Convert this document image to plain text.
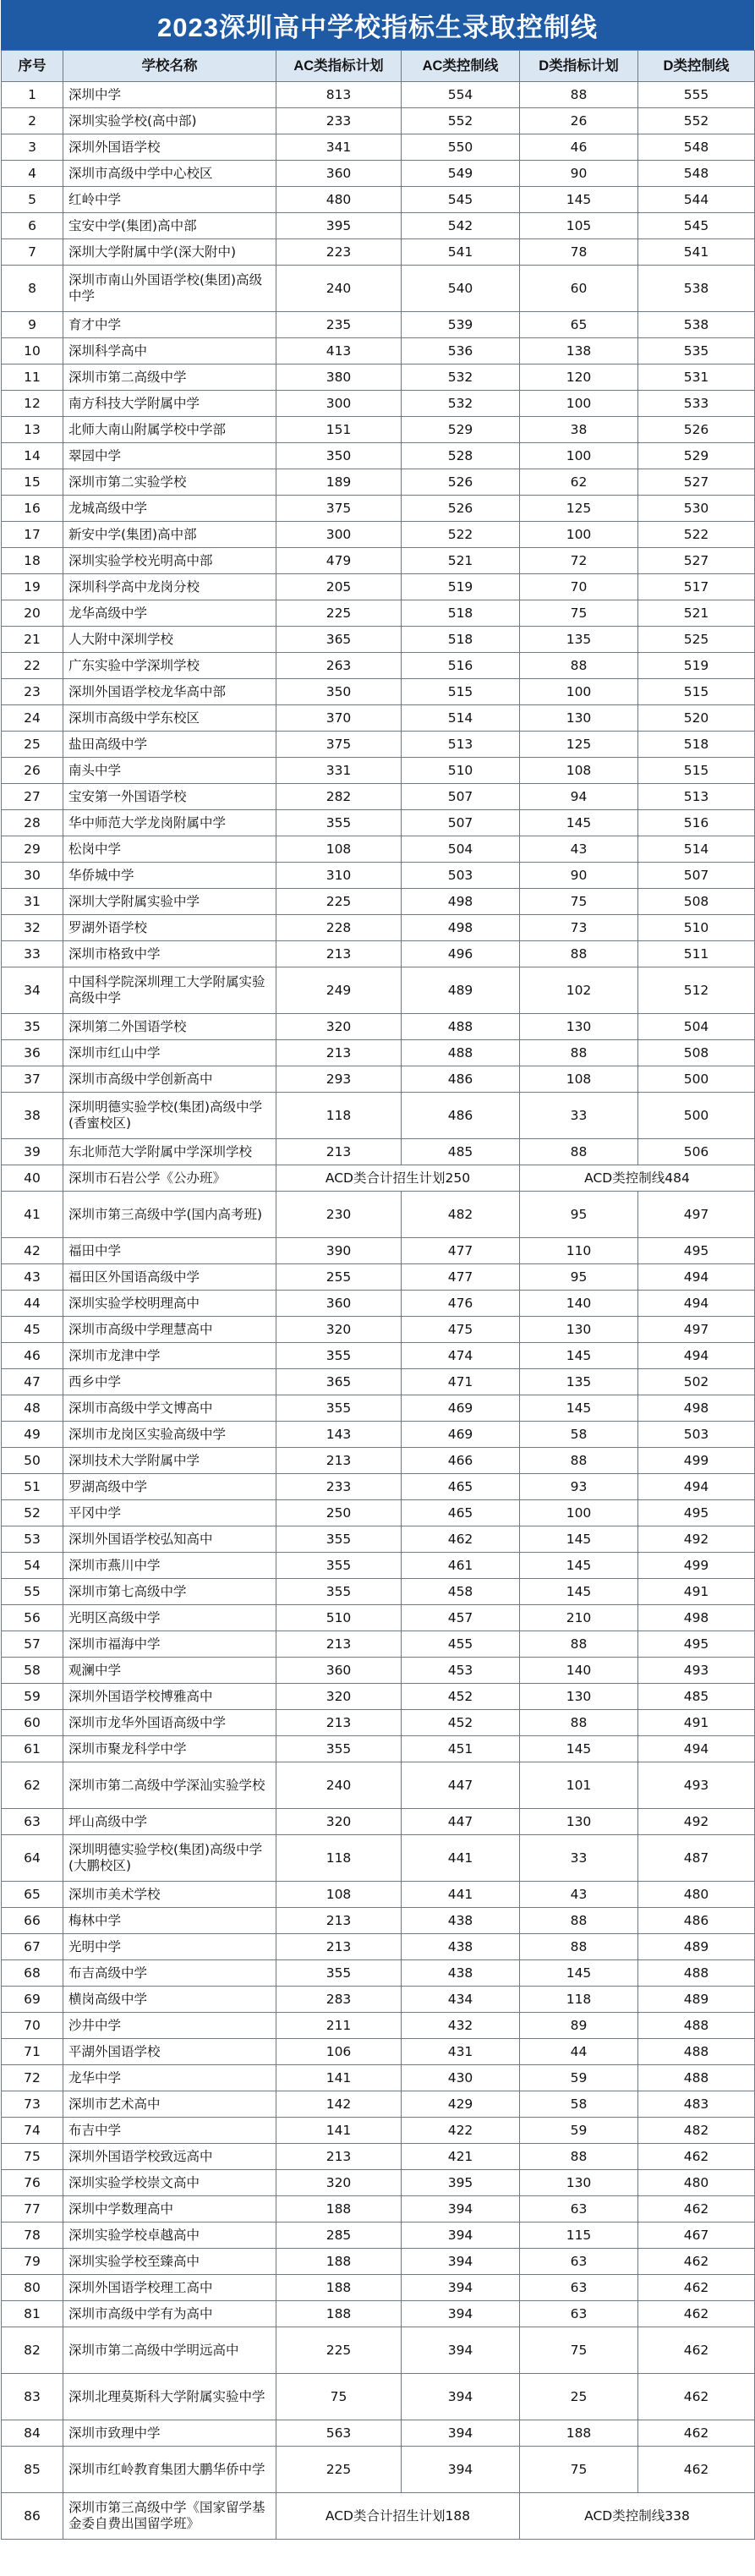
2023深圳高中学校指标生录取控制线
序号	学校名称	AC类指标计划	AC类控制线	D类指标计划	D类控制线
1	深圳中学	813	554	88	555
2	深圳实验学校(高中部)	233	552	26	552
3	深圳外国语学校	341	550	46	548
4	深圳市高级中学中心校区	360	549	90	548
5	红岭中学	480	545	145	544
6	宝安中学(集团)高中部	395	542	105	545
7	深圳大学附属中学(深大附中)	223	541	78	541
8	深圳市南山外国语学校(集团)高级中学	240	540	60	538
9	育才中学	235	539	65	538
10	深圳科学高中	413	536	138	535
11	深圳市第二高级中学	380	532	120	531
12	南方科技大学附属中学	300	532	100	533
13	北师大南山附属学校中学部	151	529	38	526
14	翠园中学	350	528	100	529
15	深圳市第二实验学校	189	526	62	527
16	龙城高级中学	375	526	125	530
17	新安中学(集团)高中部	300	522	100	522
18	深圳实验学校光明高中部	479	521	72	527
19	深圳科学高中龙岗分校	205	519	70	517
20	龙华高级中学	225	518	75	521
21	人大附中深圳学校	365	518	135	525
22	广东实验中学深圳学校	263	516	88	519
23	深圳外国语学校龙华高中部	350	515	100	515
24	深圳市高级中学东校区	370	514	130	520
25	盐田高级中学	375	513	125	518
26	南头中学	331	510	108	515
27	宝安第一外国语学校	282	507	94	513
28	华中师范大学龙岗附属中学	355	507	145	516
29	松岗中学	108	504	43	514
30	华侨城中学	310	503	90	507
31	深圳大学附属实验中学	225	498	75	508
32	罗湖外语学校	228	498	73	510
33	深圳市格致中学	213	496	88	511
34	中国科学院深圳理工大学附属实验高级中学	249	489	102	512
35	深圳第二外国语学校	320	488	130	504
36	深圳市红山中学	213	488	88	508
37	深圳市高级中学创新高中	293	486	108	500
38	深圳明德实验学校(集团)高级中学(香蜜校区)	118	486	33	500
39	东北师范大学附属中学深圳学校	213	485	88	506
40	深圳市石岩公学《公办班》	ACD类合计招生计划250		ACD类控制线484	
41	深圳市第三高级中学(国内高考班)	230	482	95	497
42	福田中学	390	477	110	495
43	福田区外国语高级中学	255	477	95	494
44	深圳实验学校明理高中	360	476	140	494
45	深圳市高级中学理慧高中	320	475	130	497
46	深圳市龙津中学	355	474	145	494
47	西乡中学	365	471	135	502
48	深圳市高级中学文博高中	355	469	145	498
49	深圳市龙岗区实验高级中学	143	469	58	503
50	深圳技术大学附属中学	213	466	88	499
51	罗湖高级中学	233	465	93	494
52	平冈中学	250	465	100	495
53	深圳外国语学校弘知高中	355	462	145	492
54	深圳市燕川中学	355	461	145	499
55	深圳市第七高级中学	355	458	145	491
56	光明区高级中学	510	457	210	498
57	深圳市福海中学	213	455	88	495
58	观澜中学	360	453	140	493
59	深圳外国语学校博雅高中	320	452	130	485
60	深圳市龙华外国语高级中学	213	452	88	491
61	深圳市聚龙科学中学	355	451	145	494
62	深圳市第二高级中学深汕实验学校	240	447	101	493
63	坪山高级中学	320	447	130	492
64	深圳明德实验学校(集团)高级中学(大鹏校区)	118	441	33	487
65	深圳市美术学校	108	441	43	480
66	梅林中学	213	438	88	486
67	光明中学	213	438	88	489
68	布吉高级中学	355	438	145	488
69	横岗高级中学	283	434	118	489
70	沙井中学	211	432	89	488
71	平湖外国语学校	106	431	44	488
72	龙华中学	141	430	59	488
73	深圳市艺术高中	142	429	58	483
74	布吉中学	141	422	59	482
75	深圳外国语学校致远高中	213	421	88	462
76	深圳实验学校崇文高中	320	395	130	480
77	深圳中学数理高中	188	394	63	462
78	深圳实验学校卓越高中	285	394	115	467
79	深圳实验学校至臻高中	188	394	63	462
80	深圳外国语学校理工高中	188	394	63	462
81	深圳市高级中学有为高中	188	394	63	462
82	深圳市第二高级中学明远高中	225	394	75	462
83	深圳北理莫斯科大学附属实验中学	75	394	25	462
84	深圳市致理中学	563	394	188	462
85	深圳市红岭教育集团大鹏华侨中学	225	394	75	462
86	深圳市第三高级中学《国家留学基金委自费出国留学班》	ACD类合计招生计划188		ACD类控制线338	
